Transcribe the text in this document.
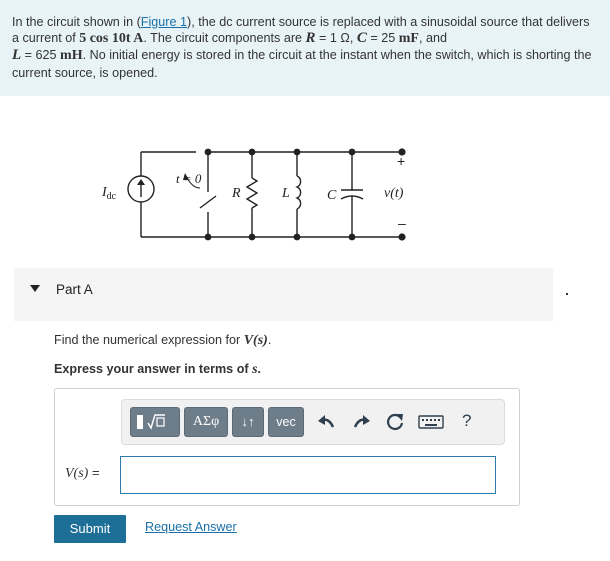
In the circuit shown in (Figure 1), the dc current source is replaced with a sinusoidal source that delivers a current of 5 cos 10t A. The circuit components are R = 1 Ω, C = 25 mF, and
L = 625 mH. No initial energy is stored in the circuit at the instant when the switch, which is shorting the current source, is opened.
$I_{dc}$
t = 0
R	L	C	v(t)
+
–
Part A
Find the numerical expression for V(s).
Express your answer in terms of s.
ΑΣφ	↓↑	vec	?
V(s) =
Submit	Request Answer
